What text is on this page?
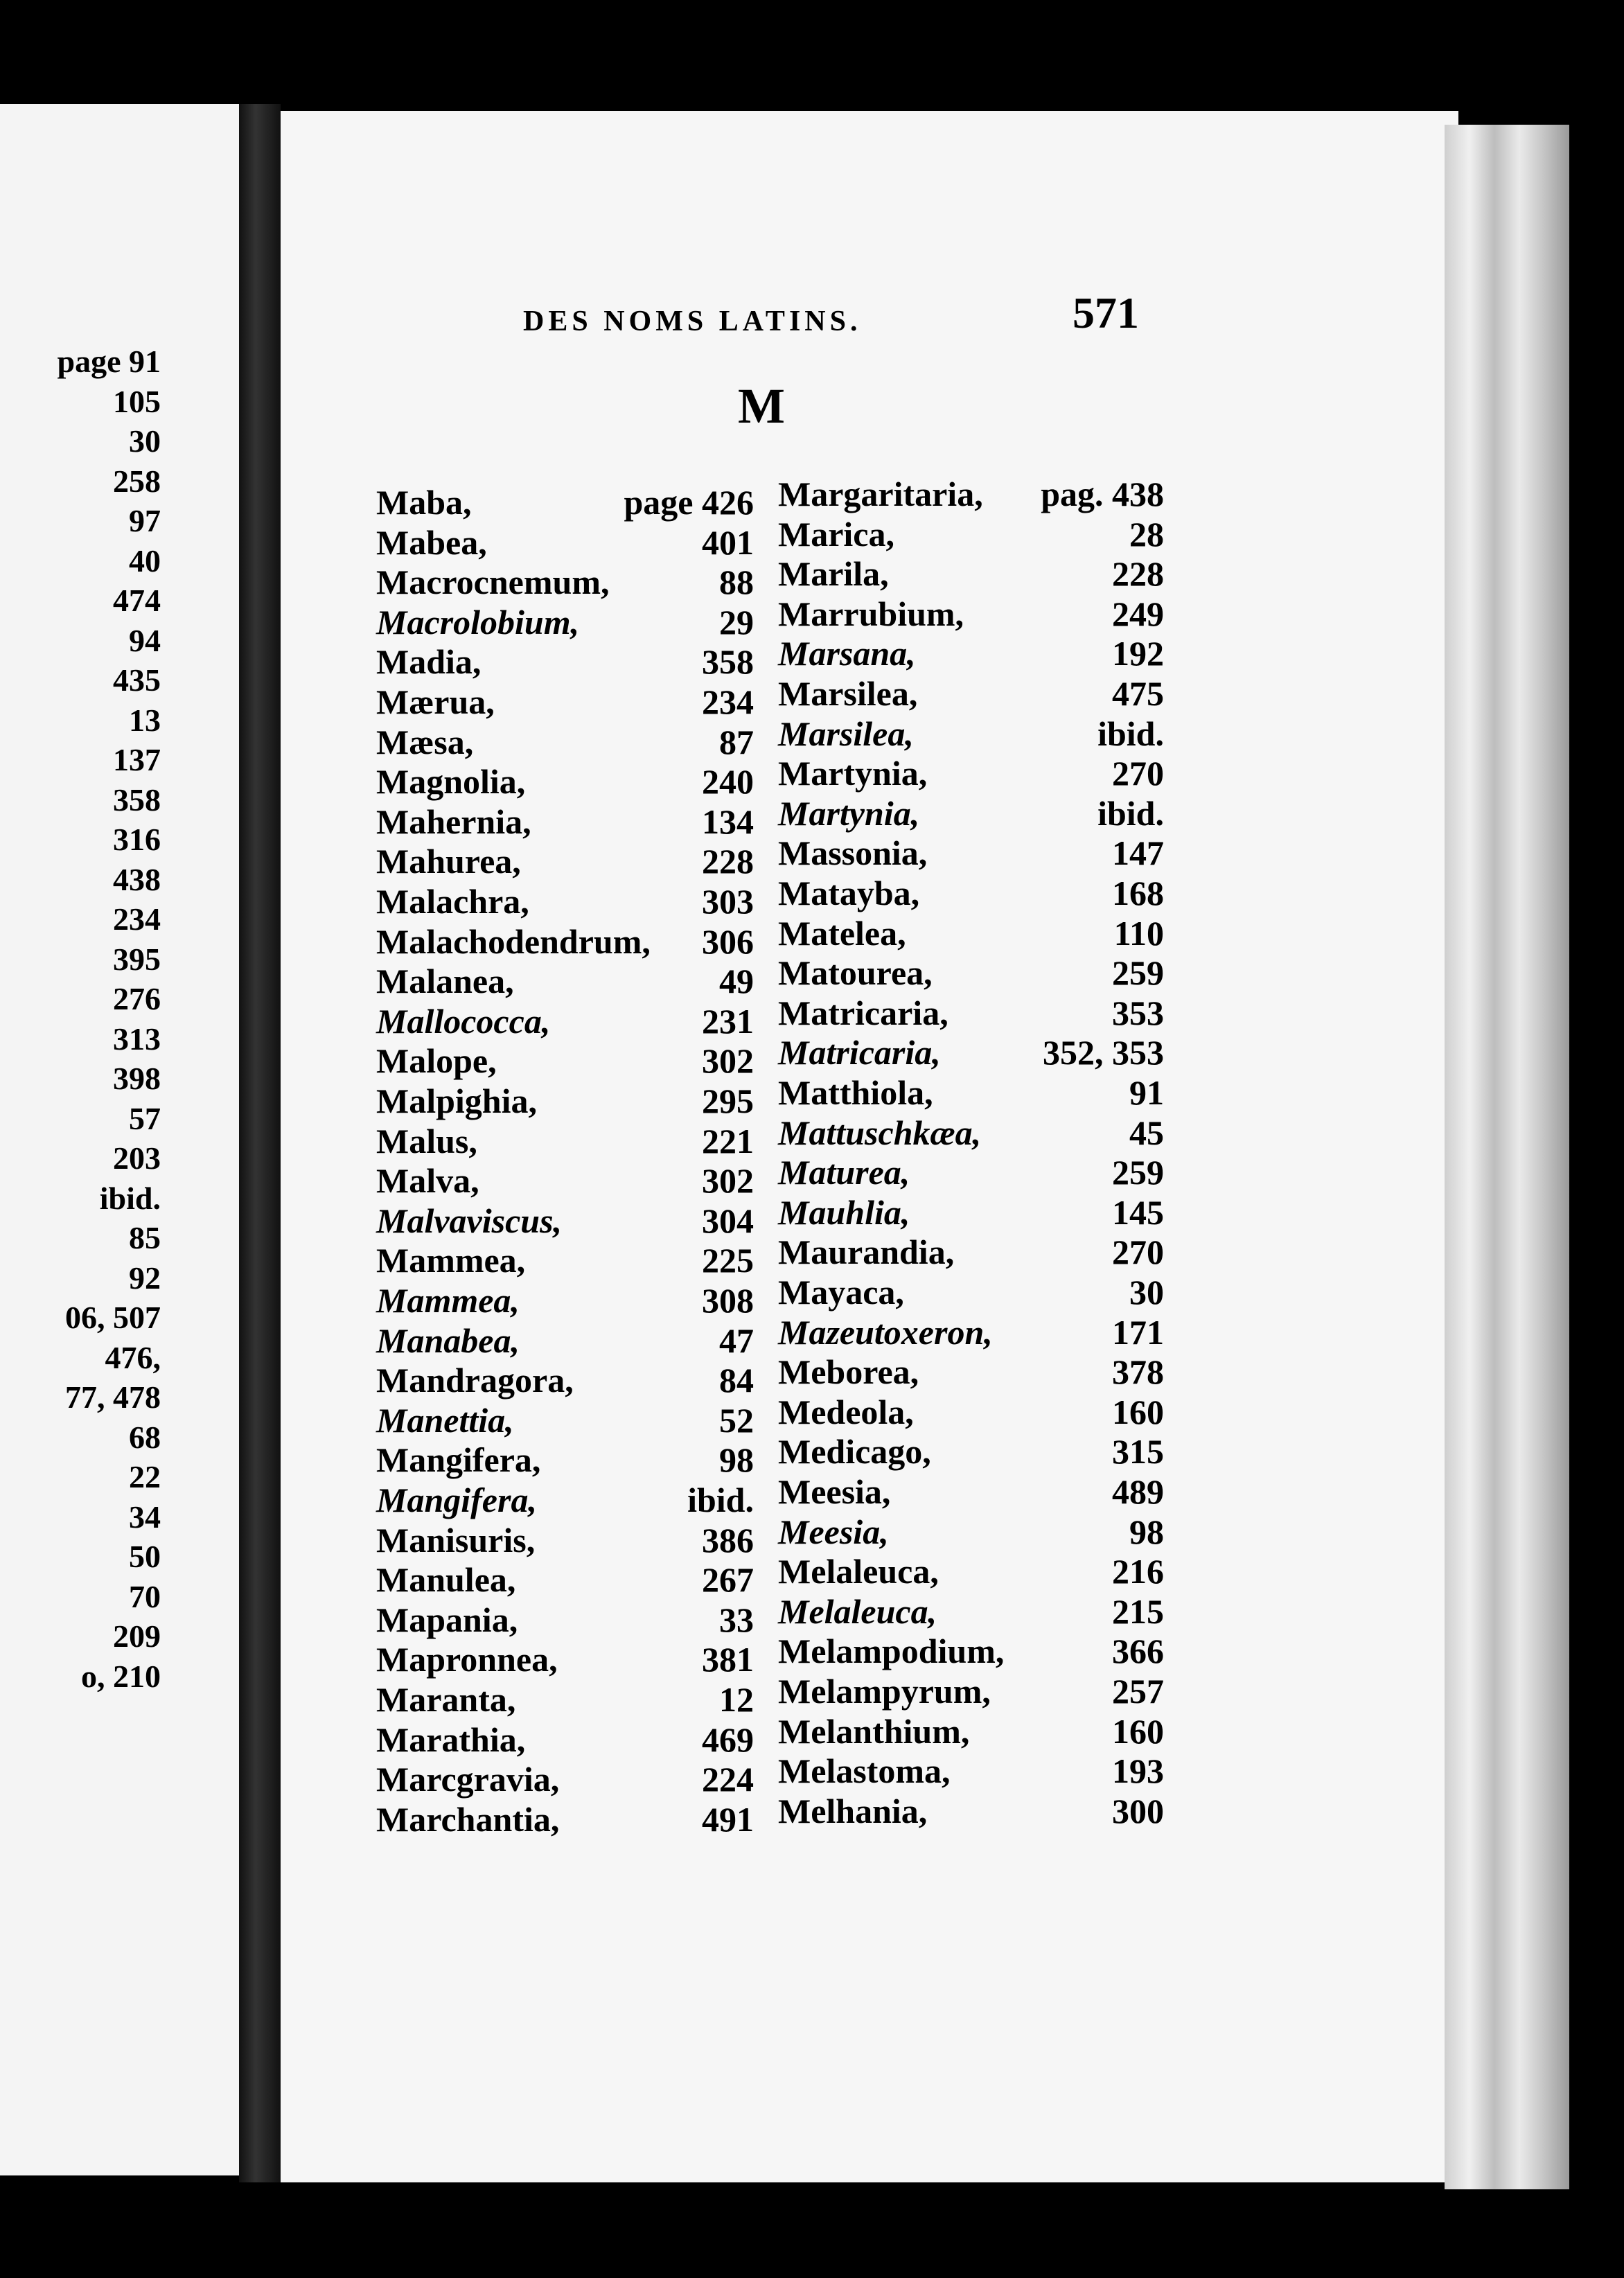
page 91
105
30
258
97
40
474
94
435
13
137
358
316
438
234
395
276
313
398
57
203
ibid.
85
92
06, 507
476,
77, 478
68
22
34
50
70
209
o, 210
DES NOMS LATINS.	571
M
Maba,	page 426
Mabea,	401
Macrocnemum,	88
Macrolobium,	29
Madia,	358
Mærua,	234
Mæsa,	87
Magnolia,	240
Mahernia,	134
Mahurea,	228
Malachra,	303
Malachodendrum, 306
Malanea,	49
Mallococca,	231
Malope,	302
Malpighia,	295
Malus,	221
Malva,	302
Malvaviscus,	304
Mammea,	225
Mammea,	308
Manabea,	47
Mandragora,	84
Manettia,	52
Mangifera,	98
Mangifera,	ibid.
Manisuris,	386
Manulea,	267
Mapania,	33
Mapronnea,	381
Maranta,	12
Marathia,	469
Marcgravia,	224
Marchantia,	491
Margaritaria, pag. 438
Marica,	28
Marila,	228
Marrubium,	249
Marsana,	192
Marsilea,	475
Marsilea,	ibid.
Martynia,	270
Martynia,	ibid.
Massonia,	147
Matayba,	168
Matelea,	110
Matourea,	259
Matricaria,	353
Matricaria,	352, 353
Matthiola,	91
Mattuschkæa,	45
Maturea,	259
Mauhlia,	145
Maurandia,	270
Mayaca,	30
Mazeutoxeron,	171
Meborea,	378
Medeola,	160
Medicago,	315
Meesia,	489
Meesia,	98
Melaleuca,	216
Melaleuca,	215
Melampodium,	366
Melampyrum,	257
Melanthium,	160
Melastoma,	193
Melhania,	300
